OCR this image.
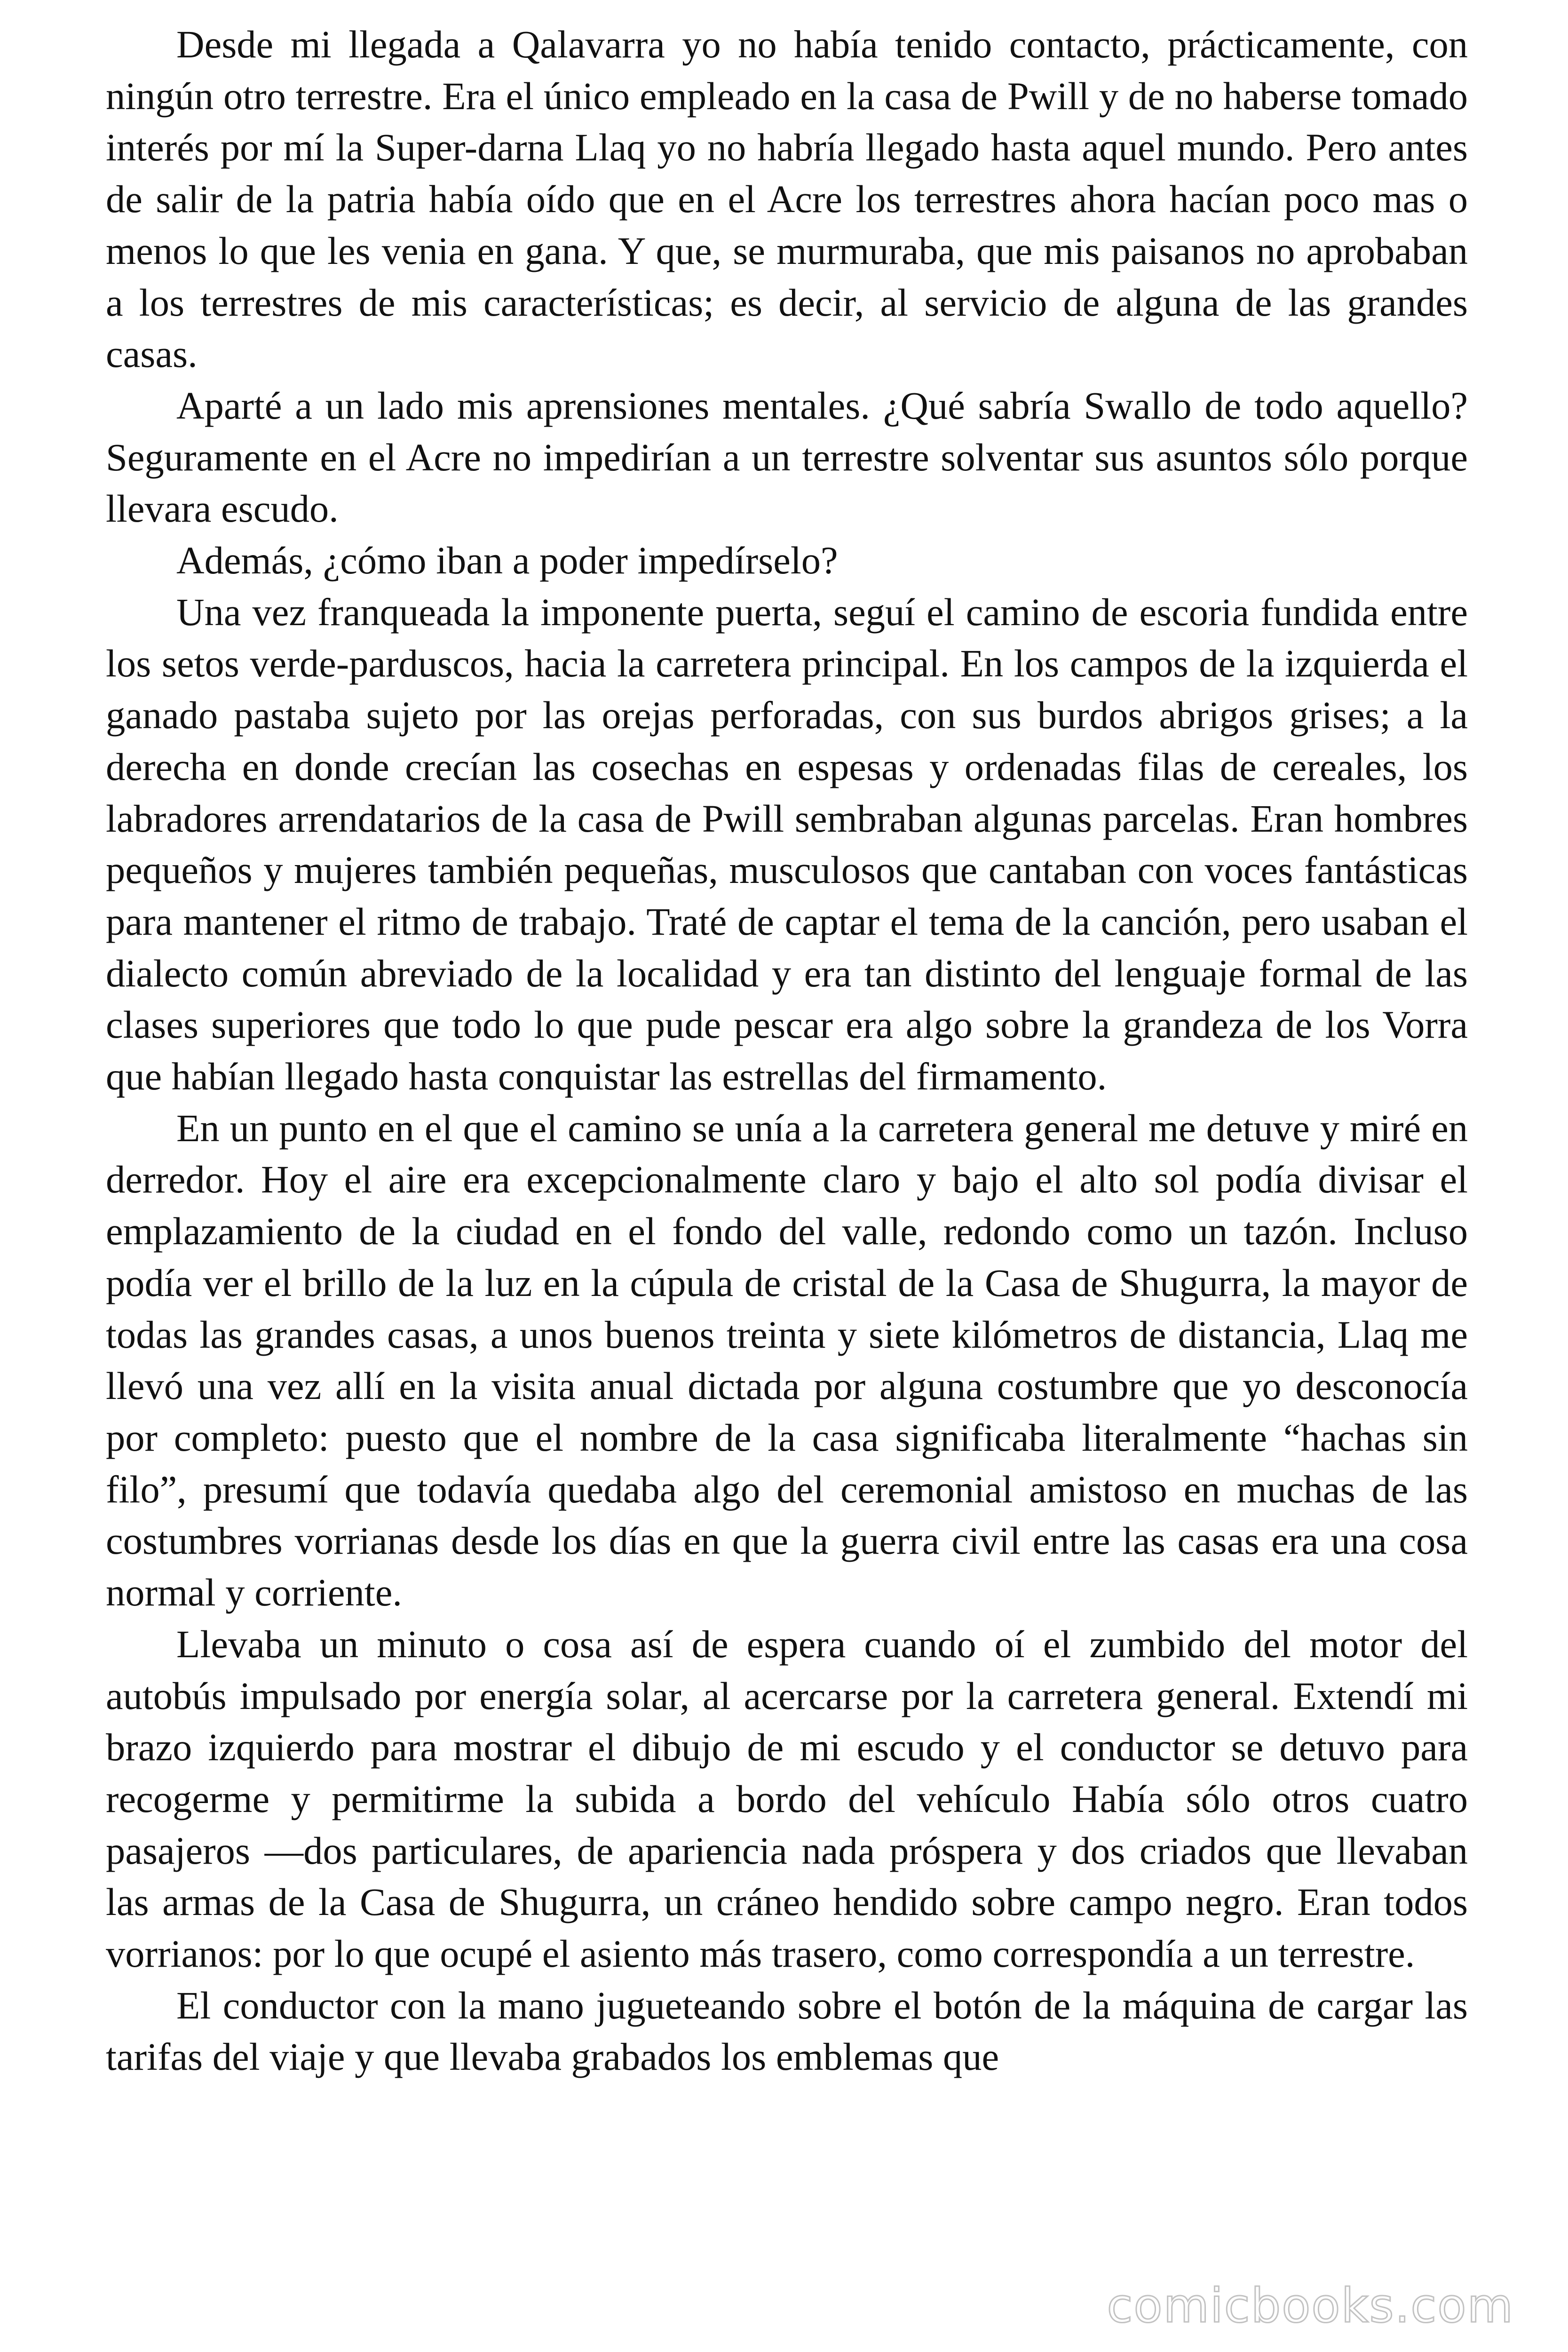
Desde mi llegada a Qalavarra yo no había tenido contacto, prácticamente, con ningún otro terrestre. Era el único empleado en la casa de Pwill y de no haberse tomado interés por mí la Super-darna Llaq yo no habría llegado hasta aquel mundo. Pero antes de salir de la patria había oído que en el Acre los terrestres ahora hacían poco mas o menos lo que les venia en gana. Y que, se murmuraba, que mis paisanos no aprobaban a los terrestres de mis características; es decir, al servicio de alguna de las grandes casas.

Aparté a un lado mis aprensiones mentales. ¿Qué sabría Swallo de todo aquello? Seguramente en el Acre no impedirían a un terrestre solventar sus asuntos sólo porque llevara escudo.

Además, ¿cómo iban a poder impedírselo?

Una vez franqueada la imponente puerta, seguí el camino de escoria fundida entre los setos verde-parduscos, hacia la carretera principal. En los campos de la izquierda el ganado pastaba sujeto por las orejas perforadas, con sus burdos abrigos grises; a la derecha en donde crecían las cosechas en espesas y ordenadas filas de cereales, los labradores arrendatarios de la casa de Pwill sembraban algunas parcelas. Eran hombres pequeños y mujeres también pequeñas, musculosos que cantaban con voces fantásticas para mantener el ritmo de trabajo. Traté de captar el tema de la canción, pero usaban el dialecto común abreviado de la localidad y era tan distinto del lenguaje formal de las clases superiores que todo lo que pude pescar era algo sobre la grandeza de los Vorra que habían llegado hasta conquistar las estrellas del firmamento.

En un punto en el que el camino se unía a la carretera general me detuve y miré en derredor. Hoy el aire era excepcionalmente claro y bajo el alto sol podía divisar el emplazamiento de la ciudad en el fondo del valle, redondo como un tazón. Incluso podía ver el brillo de la luz en la cúpula de cristal de la Casa de Shugurra, la mayor de todas las grandes casas, a unos buenos treinta y siete kilómetros de distancia, Llaq me llevó una vez allí en la visita anual dictada por alguna costumbre que yo desconocía por completo: puesto que el nombre de la casa significaba literalmente “hachas sin filo”, presumí que todavía quedaba algo del ceremonial amistoso en muchas de las costumbres vorrianas desde los días en que la guerra civil entre las casas era una cosa normal y corriente.

Llevaba un minuto o cosa así de espera cuando oí el zumbido del motor del autobús impulsado por energía solar, al acercarse por la carretera general. Extendí mi brazo izquierdo para mostrar el dibujo de mi escudo y el conductor se detuvo para recogerme y permitirme la subida a bordo del vehículo Había sólo otros cuatro pasajeros —dos particulares, de apariencia nada próspera y dos criados que llevaban las armas de la Casa de Shugurra, un cráneo hendido sobre campo negro. Eran todos vorrianos: por lo que ocupé el asiento más trasero, como correspondía a un terrestre.

El conductor con la mano jugueteando sobre el botón de la máquina de cargar las tarifas del viaje y que llevaba grabados los emblemas que

comicbooks.com
